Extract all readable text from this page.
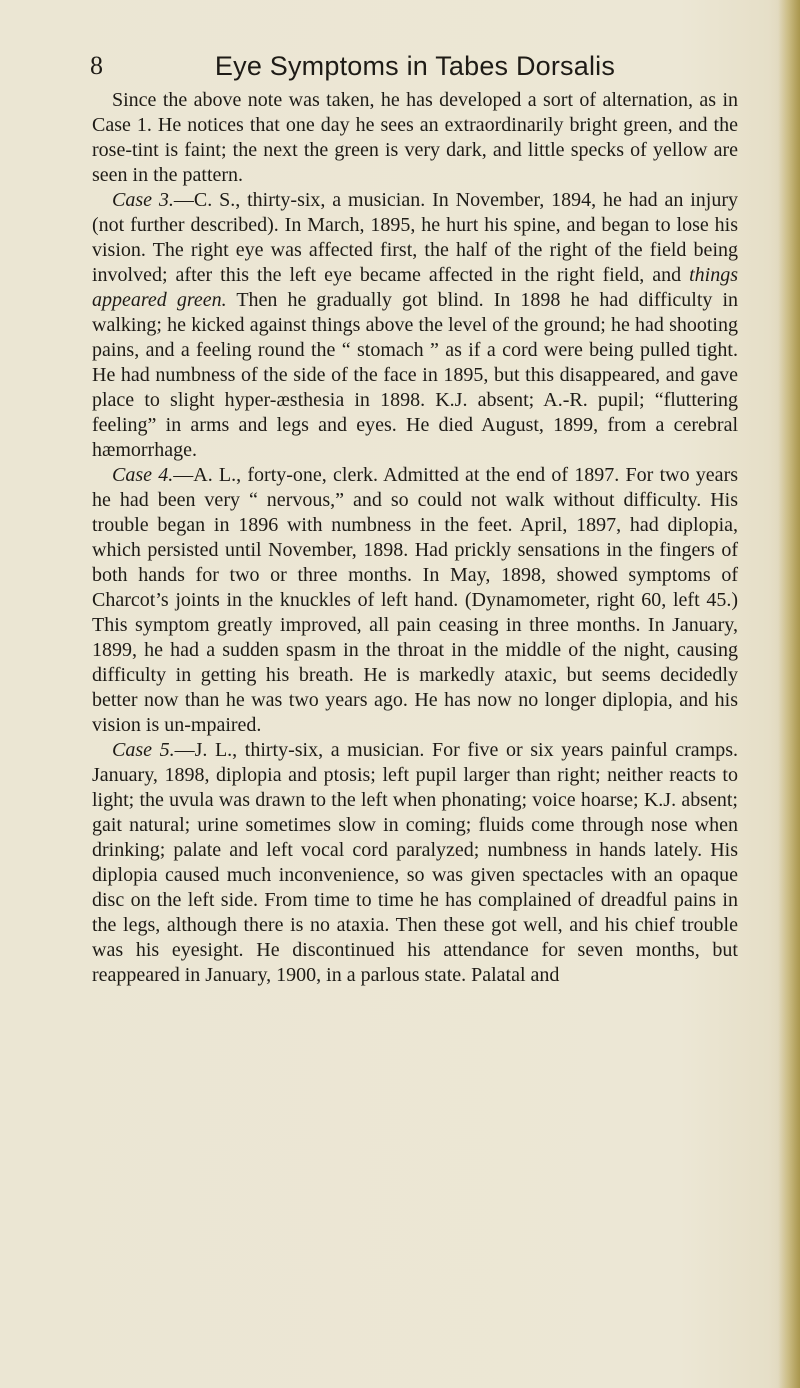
8	Eye Symptoms in Tabes Dorsalis

Since the above note was taken, he has developed a sort of alternation, as in Case 1. He notices that one day he sees an extraordinarily bright green, and the rose-tint is faint; the next the green is very dark, and little specks of yellow are seen in the pattern.

Case 3.—C. S., thirty-six, a musician. In November, 1894, he had an injury (not further described). In March, 1895, he hurt his spine, and began to lose his vision. The right eye was affected first, the half of the right of the field being involved; after this the left eye became affected in the right field, and things appeared green. Then he gradually got blind. In 1898 he had difficulty in walking; he kicked against things above the level of the ground; he had shooting pains, and a feeling round the “ stomach ” as if a cord were being pulled tight. He had numbness of the side of the face in 1895, but this disappeared, and gave place to slight hyper-æsthesia in 1898. K.J. absent; A.-R. pupil; “fluttering feeling” in arms and legs and eyes. He died August, 1899, from a cerebral hæmorrhage.

Case 4.—A. L., forty-one, clerk. Admitted at the end of 1897. For two years he had been very “ nervous,” and so could not walk without difficulty. His trouble began in 1896 with numbness in the feet. April, 1897, had diplopia, which persisted until November, 1898. Had prickly sensations in the fingers of both hands for two or three months. In May, 1898, showed symptoms of Charcot’s joints in the knuckles of left hand. (Dynamometer, right 60, left 45.) This symptom greatly improved, all pain ceasing in three months. In January, 1899, he had a sudden spasm in the throat in the middle of the night, causing difficulty in getting his breath. He is markedly ataxic, but seems decidedly better now than he was two years ago. He has now no longer diplopia, and his vision is un-mpaired.

Case 5.—J. L., thirty-six, a musician. For five or six years painful cramps. January, 1898, diplopia and ptosis; left pupil larger than right; neither reacts to light; the uvula was drawn to the left when phonating; voice hoarse; K.J. absent; gait natural; urine sometimes slow in coming; fluids come through nose when drinking; palate and left vocal cord paralyzed; numbness in hands lately. His diplopia caused much inconvenience, so was given spectacles with an opaque disc on the left side. From time to time he has complained of dreadful pains in the legs, although there is no ataxia. Then these got well, and his chief trouble was his eyesight. He discontinued his attendance for seven months, but reappeared in January, 1900, in a parlous state. Palatal and
